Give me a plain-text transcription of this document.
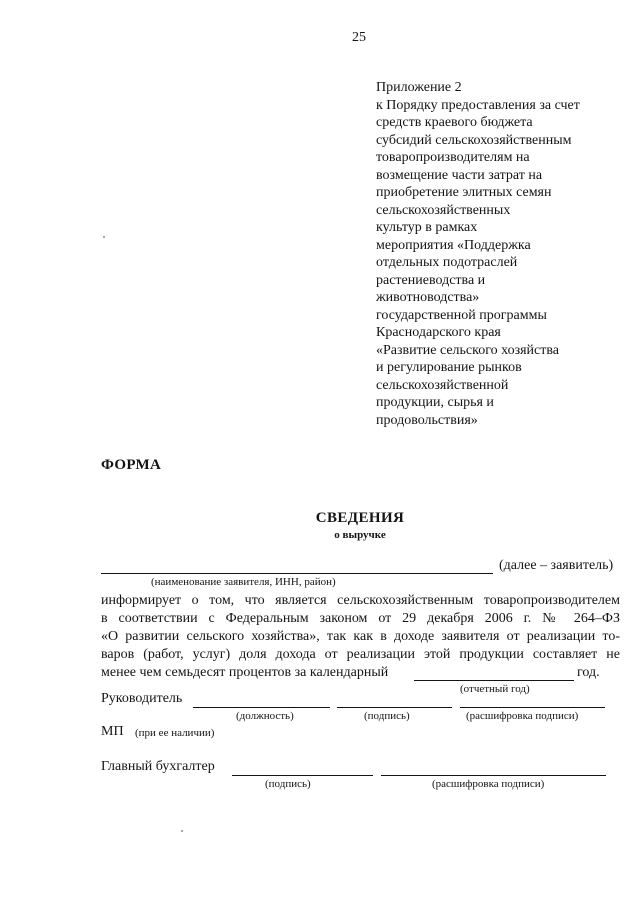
25
Приложение 2
к Порядку предоставления за счет
средств краевого бюджета
субсидий сельскохозяйственным
товаропроизводителям на
возмещение части затрат на
приобретение элитных семян
сельскохозяйственных
культур в рамках
мероприятия «Поддержка
отдельных подотраслей
растениеводства и
животноводства»
государственной программы
Краснодарского края
«Развитие сельского хозяйства
и регулирование рынков
сельскохозяйственной
продукции, сырья и
продовольствия»
ФОРМА
СВЕДЕНИЯ
о выручке
(далее – заявитель)
(наименование заявителя, ИНН, район)
информирует о том, что является сельскохозяйственным товаропроизводителем
в соответствии с Федеральным законом от 29 декабря 2006 г. № 264–ФЗ
«О развитии сельского хозяйства», так как в доходе заявителя от реализации то-
варов (работ, услуг) доля дохода от реализации этой продукции составляет не
менее чем семьдесят процентов за календарный	год.
(отчетный год)
Руководитель
(должность)	(подпись)	(расшифровка подписи)
МП (при ее наличии)
Главный бухгалтер
(подпись)	(расшифровка подписи)
